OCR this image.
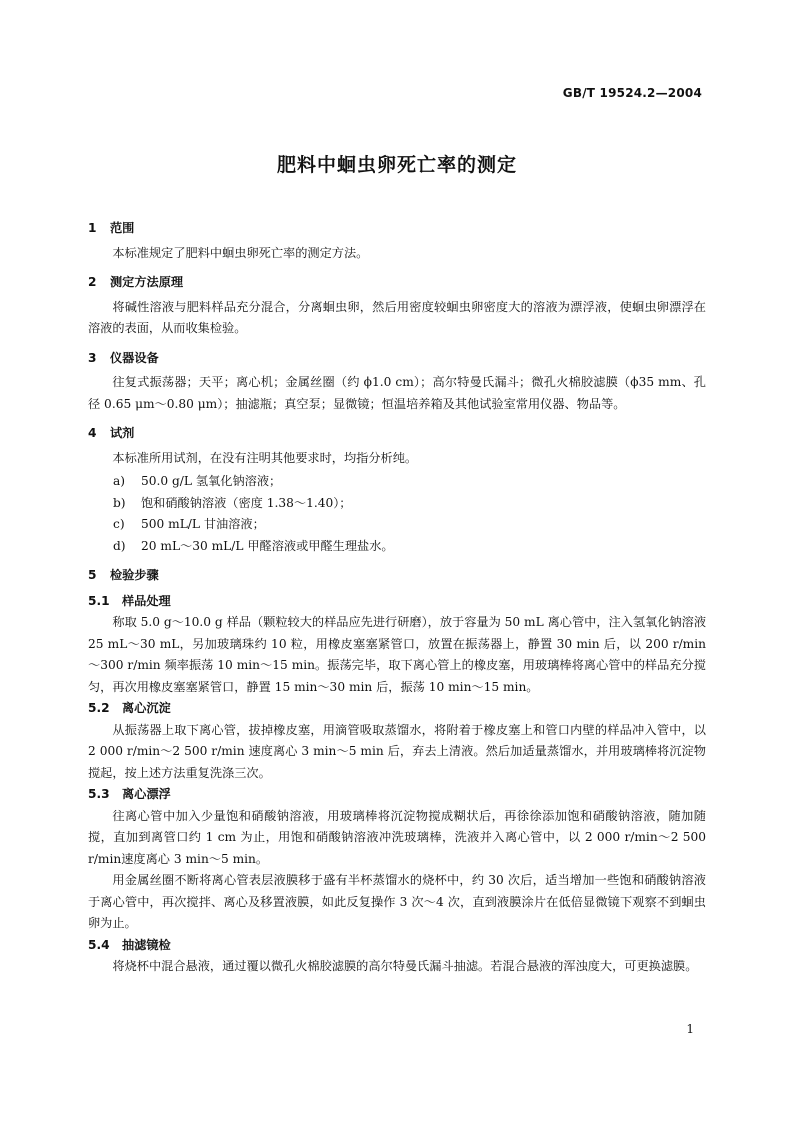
GB/T 19524.2—2004
肥料中蛔虫卵死亡率的测定
1 范围
本标准规定了肥料中蛔虫卵死亡率的测定方法。
2 测定方法原理
将碱性溶液与肥料样品充分混合，分离蛔虫卵，然后用密度较蛔虫卵密度大的溶液为漂浮液，使蛔虫卵漂浮在溶液的表面，从而收集检验。
3 仪器设备
往复式振荡器；天平；离心机；金属丝圈（约 ϕ1.0 cm）；高尔特曼氏漏斗；微孔火棉胶滤膜（ϕ35 mm、孔径 0.65 μm～0.80 μm）；抽滤瓶；真空泵；显微镜；恒温培养箱及其他试验室常用仪器、物品等。
4 试剂
本标准所用试剂，在没有注明其他要求时，均指分析纯。
a) 50.0 g/L 氢氧化钠溶液；
b) 饱和硝酸钠溶液（密度 1.38～1.40）；
c) 500 mL/L 甘油溶液；
d) 20 mL～30 mL/L 甲醛溶液或甲醛生理盐水。
5 检验步骤
5.1 样品处理
称取 5.0 g～10.0 g 样品（颗粒较大的样品应先进行研磨），放于容量为 50 mL 离心管中，注入氢氧化钠溶液 25 mL～30 mL，另加玻璃珠约 10 粒，用橡皮塞塞紧管口，放置在振荡器上，静置 30 min 后，以 200 r/min～300 r/min 频率振荡 10 min～15 min。振荡完毕，取下离心管上的橡皮塞，用玻璃棒将离心管中的样品充分搅匀，再次用橡皮塞塞紧管口，静置 15 min～30 min 后，振荡 10 min～15 min。
5.2 离心沉淀
从振荡器上取下离心管，拔掉橡皮塞，用滴管吸取蒸馏水，将附着于橡皮塞上和管口内壁的样品冲入管中，以 2 000 r/min～2 500 r/min 速度离心 3 min～5 min 后，弃去上清液。然后加适量蒸馏水，并用玻璃棒将沉淀物搅起，按上述方法重复洗涤三次。
5.3 离心漂浮
往离心管中加入少量饱和硝酸钠溶液，用玻璃棒将沉淀物搅成糊状后，再徐徐添加饱和硝酸钠溶液，随加随搅，直加到离管口约 1 cm 为止，用饱和硝酸钠溶液冲洗玻璃棒，洗液并入离心管中，以 2 000 r/min～2 500 r/min速度离心 3 min～5 min。
用金属丝圈不断将离心管表层液膜移于盛有半杯蒸馏水的烧杯中，约 30 次后，适当增加一些饱和硝酸钠溶液于离心管中，再次搅拌、离心及移置液膜，如此反复操作 3 次～4 次，直到液膜涂片在低倍显微镜下观察不到蛔虫卵为止。
5.4 抽滤镜检
将烧杯中混合悬液，通过覆以微孔火棉胶滤膜的高尔特曼氏漏斗抽滤。若混合悬液的浑浊度大，可更换滤膜。
1
